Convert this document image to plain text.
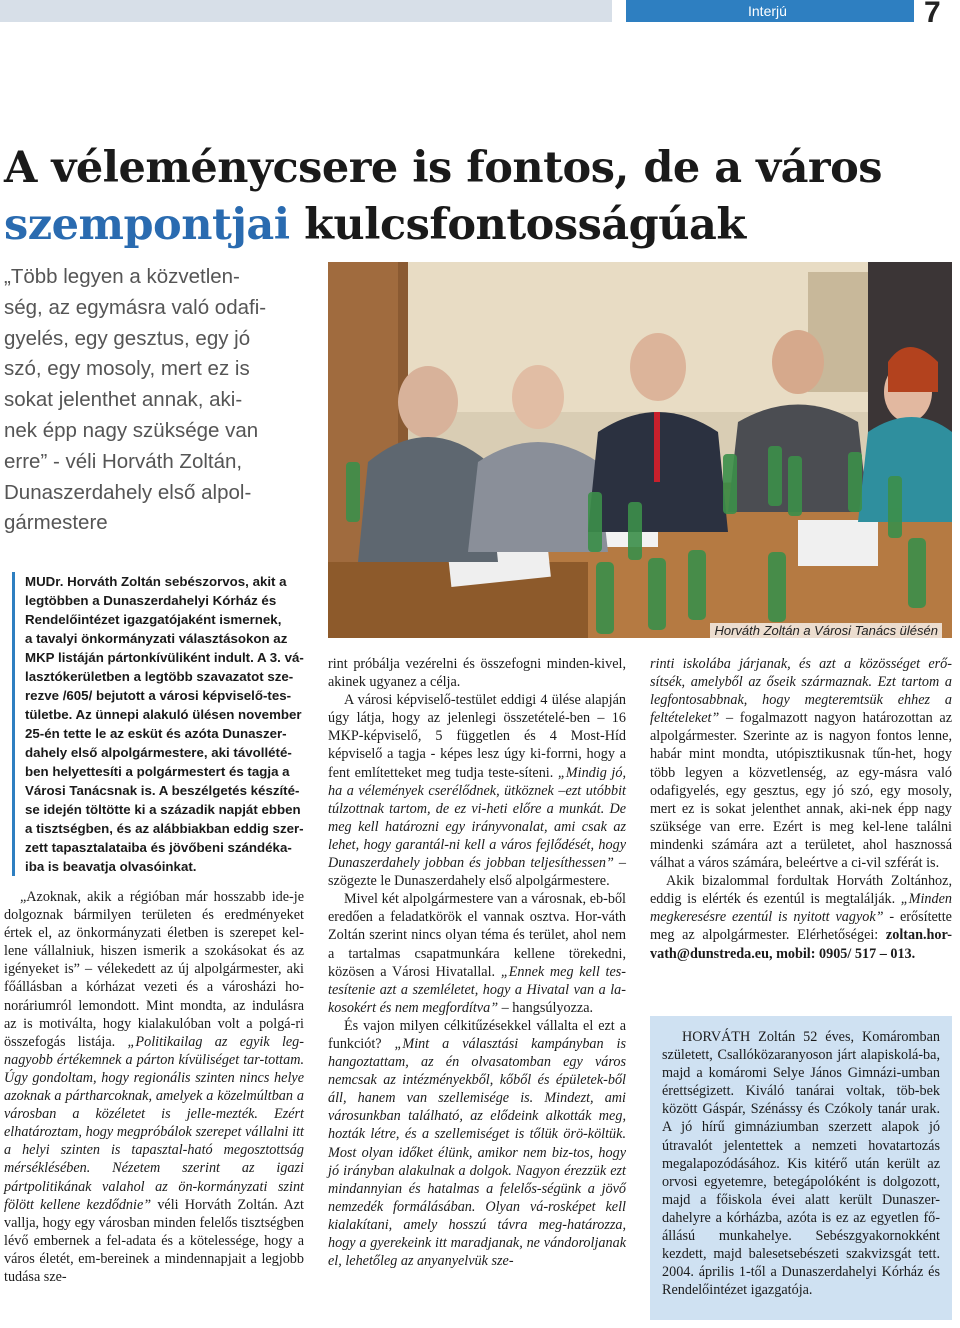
Interjú	7
A véleménycsere is fontos, de a város
szempontjai kulcsfontosságúak
„Több legyen a közvetlen-
ség, az egymásra való odafi-
gyelés, egy gesztus, egy jó
szó, egy mosoly, mert ez is
sokat jelenthet annak, aki-
nek épp nagy szüksége van
erre” - véli Horváth Zoltán,
Dunaszerdahely első alpol-
gármestere
MUDr. Horváth Zoltán sebészorvos, akit a
legtöbben a Dunaszerdahelyi Kórház és
Rendelőintézet igazgatójaként ismernek,
a tavalyi önkormányzati választásokon az
MKP listáján pártonkívüliként indult. A 3. vá-
lasztókerületben a legtöbb szavazatot sze-
rezve /605/ bejutott a városi képviselő-tes-
tületbe. Az ünnepi alakuló ülésen november
25-én tette le az esküt és azóta Dunaszer-
dahely első alpolgármestere, aki távollété-
ben helyettesíti a polgármestert és tagja a
Városi Tanácsnak is. A beszélgetés készíté-
se idején töltötte ki a századik napját ebben
a tisztségben, és az alábbiakban eddig szer-
zett tapasztalataiba és jövőbeni szándéka-
iba is beavatja olvasóinkat.

„Azoknak, akik a régióban már hosszabb ide-je dolgoznak bármilyen területen és eredményeket értek el, az önkormányzati életben is szerepet kel-lene vállalniuk, hiszen ismerik a szokásokat és az igényeket is” – vélekedett az új alpolgármester, aki főállásban a kórházat vezeti és a városházi ho-noráriumról lemondott. Mint mondta, az indulásra az is motiválta, hogy kialakulóban volt a polgá-ri összefogás listája. „Politikailag az egyik leg-nagyobb értékemnek a párton kívüliséget tar-tottam. Úgy gondoltam, hogy regionális szinten nincs helye azoknak a pártharcoknak, amelyek a közelmúltban a városban a közéletet is jelle-mezték. Ezért elhatároztam, hogy megpróbálok szerepet vállalni itt a helyi szinten is tapasztal-ható megosztottság mérséklésében. Nézetem szerint az igazi pártpolitikának valahol az ön-kormányzati szint fölött kellene kezdődnie” véli Horváth Zoltán. Azt vallja, hogy egy városban minden felelős tisztségben lévő embernek a fel-adata és a kötelessége, hogy a város életét, em-bereinek a mindennapjait a legjobb tudása sze-

Horváth Zoltán a Városi Tanács ülésén

rint próbálja vezérelni és összefogni minden-kivel, akinek ugyanez a célja.

A városi képviselő-testület eddigi 4 ülése alapján úgy látja, hogy az jelenlegi összetételé-ben – 16 MKP-képviselő, 5 független és 4 Most-Híd képviselő a tagja - képes lesz úgy ki-forrni, hogy a fent említetteket meg tudja teste-síteni. „Mindig jó, ha a vélemények cserélődnek, ütköznek –ezt utóbbit túlzottnak tartom, de ez vi-heti előre a munkát. De meg kell határozni egy irányvonalat, ami csak az lehet, hogy garantál-ni kell a város fejlődését, hogy Dunaszerdahely jobban és jobban teljesíthessen” – szögezte le Dunaszerdahely első alpolgármestere.

Mivel két alpolgármestere van a városnak, eb-ből eredően a feladatkörök el vannak osztva. Hor-váth Zoltán szerint nincs olyan téma és terület, ahol nem a tartalmas csapatmunkára kellene törekedni, közösen a Városi Hivatallal. „Ennek meg kell tes-tesítenie azt a szemléletet, hogy a Hivatal van a la-kosokért és nem megfordítva” – hangsúlyozza.

És vajon milyen célkitűzésekkel vállalta el ezt a funkciót? „Mint a választási kampányban is hangoztattam, az én olvasatomban egy város nemcsak az intézményekből, kőből és épületek-ből áll, hanem van szellemisége is. Mindezt, ami városunkban található, az elődeink alkották meg, hozták létre, és a szellemiséget is tőlük örö-költük. Most olyan időket élünk, amikor nem biz-tos, hogy jó irányban alakulnak a dolgok. Nagyon érezzük ezt mindannyian és hatalmas a felelős-ségünk a jövő nemzedék formálásában. Olyan vá-rosképet kell kialakítani, amely hosszú távra meg-határozza, hogy a gyerekeink itt maradjanak, ne vándoroljanak el, lehetőleg az anyanyelvük sze-

rinti iskolába járjanak, és azt a közösséget erő-sítsék, amelyből az őseik származnak. Ezt tartom a legfontosabbnak, hogy megteremtsük ehhez a feltételeket” – fogalmazott nagyon határozottan az alpolgármester. Szerinte az is nagyon fontos lenne, habár mint mondta, utópisztikusnak tűn-het, hogy több legyen a közvetlenség, az egy-másra való odafigyelés, egy gesztus, egy jó szó, egy mosoly, mert ez is sokat jelenthet annak, aki-nek épp nagy szüksége van erre. Ezért is meg kel-lene találni mindenki számára azt a területet, ahol hasznossá válhat a város számára, beleértve a ci-vil szférát is.

Akik bizalommal fordultak Horváth Zoltánhoz, eddig is elérték és ezentúl is megtalálják. „Minden megkeresésre ezentúl is nyitott vagyok” - erősítette meg az alpolgármester. Elérhetőségei: zoltan.hor-vath@dunstreda.eu, mobil: 0905/ 517 – 013.

HORVÁTH Zoltán 52 éves, Komáromban született, Csallóközaranyoson járt alapiskolá-ba, majd a komáromi Selye János Gimnázi-umban érettségizett. Kiváló tanárai voltak, töb-bek között Gáspár, Szénássy és Czókoly tanár urak. A jó hírű gimnáziumban szerzett alapok jó útravalót jelentettek a nemzeti hovatartozás megalapozódásához. Kis kitérő után került az orvosi egyetemre, betegápolóként is dolgozott, majd a főiskola évei alatt került Dunaszer-dahelyre a kórházba, azóta is ez az egyetlen fő-állású munkahelye. Sebészgyakornokként kezdett, majd balesetsebészeti szakvizsgát tett. 2004. április 1-től a Dunaszerdahelyi Kórház és Rendelőintézet igazgatója.
